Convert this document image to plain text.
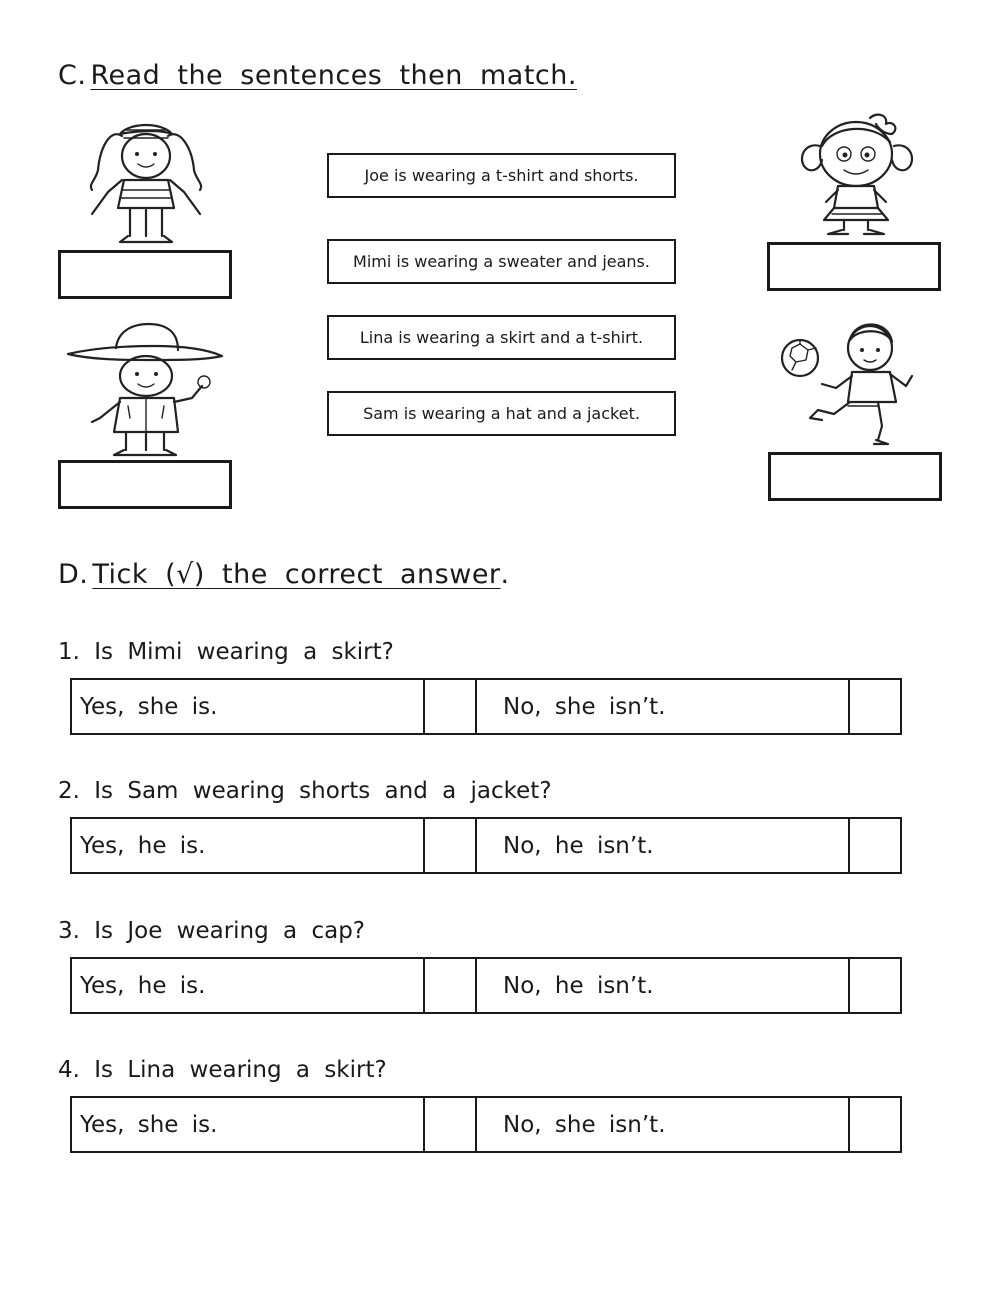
C. Read the sentences then match.
Joe is wearing a t-shirt and shorts.
Mimi is wearing a sweater and jeans.
Lina is wearing a skirt and a t-shirt.
Sam is wearing a hat and a jacket.
D. Tick (√) the correct answer.
1. Is Mimi wearing a skirt?
Yes, she is.	No, she isn’t.
2. Is Sam wearing shorts and a jacket?
Yes, he is.	No, he isn’t.
3. Is Joe wearing a cap?
Yes, he is.	No, he isn’t.
4. Is Lina wearing a skirt?
Yes, she is.	No, she isn’t.
